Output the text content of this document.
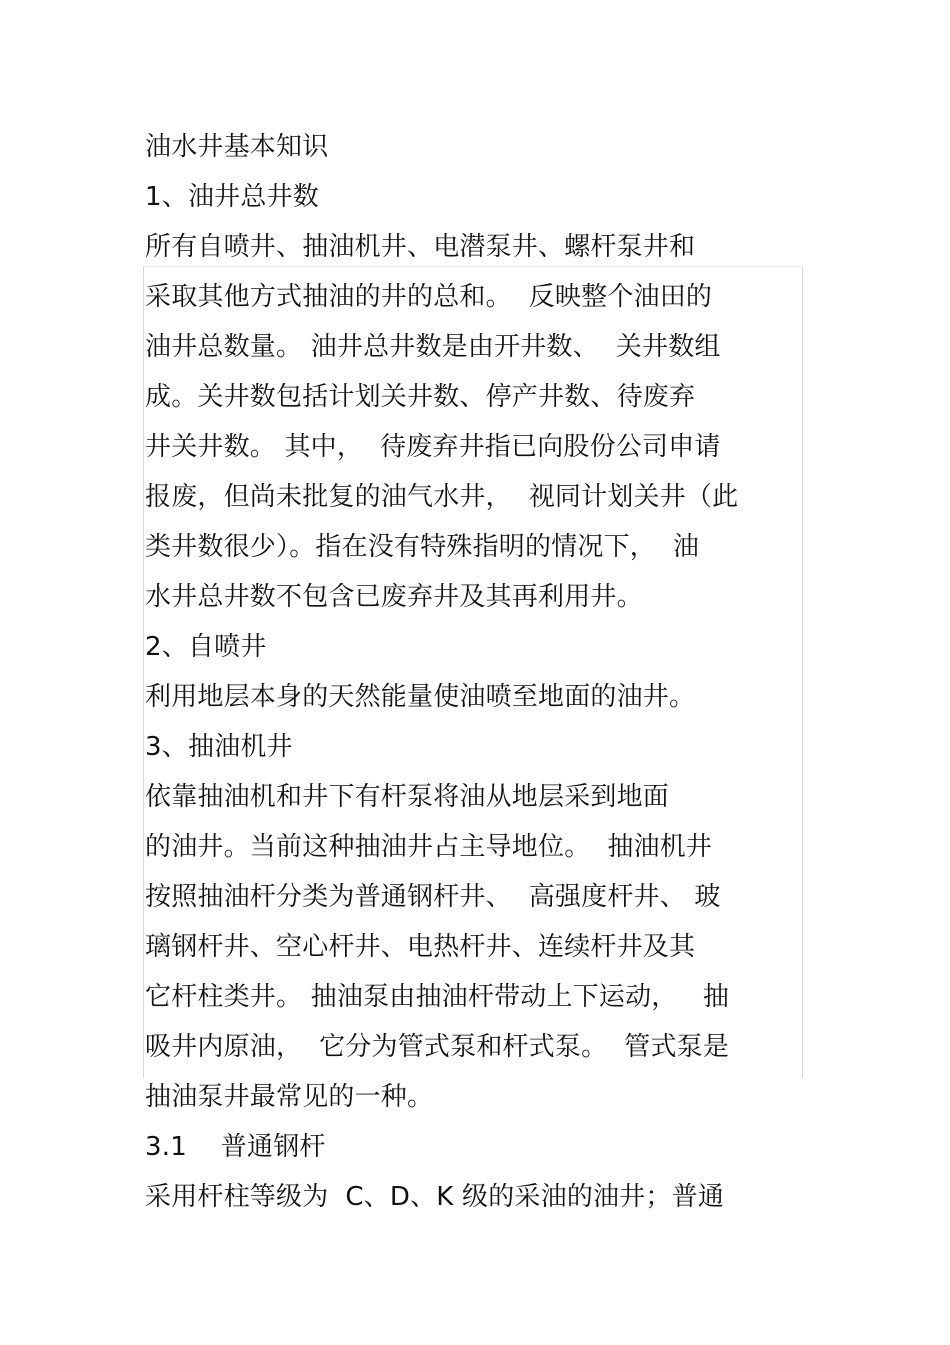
油水井基本知识
1、油井总井数
所有自喷井、抽油机井、电潜泵井、螺杆泵井和
采取其他方式抽油的井的总和。  反映整个油田的
油井总数量。 油井总井数是由开井数、  关井数组
成。关井数包括计划关井数、停产井数、待废弃
井关井数。 其中，  待废弃井指已向股份公司申请
报废，但尚未批复的油气水井，  视同计划关井（此
类井数很少）。指在没有特殊指明的情况下，  油
水井总井数不包含已废弃井及其再利用井。
2、自喷井
利用地层本身的天然能量使油喷至地面的油井。
3、抽油机井
依靠抽油机和井下有杆泵将油从地层采到地面
的油井。当前这种抽油井占主导地位。  抽油机井
按照抽油杆分类为普通钢杆井、  高强度杆井、 玻
璃钢杆井、空心杆井、电热杆井、连续杆井及其
它杆柱类井。 抽油泵由抽油杆带动上下运动，   抽
吸井内原油，  它分为管式泵和杆式泵。  管式泵是
抽油泵井最常见的一种。
3.1    普通钢杆
采用杆柱等级为  C、D、K 级的采油的油井；普通
